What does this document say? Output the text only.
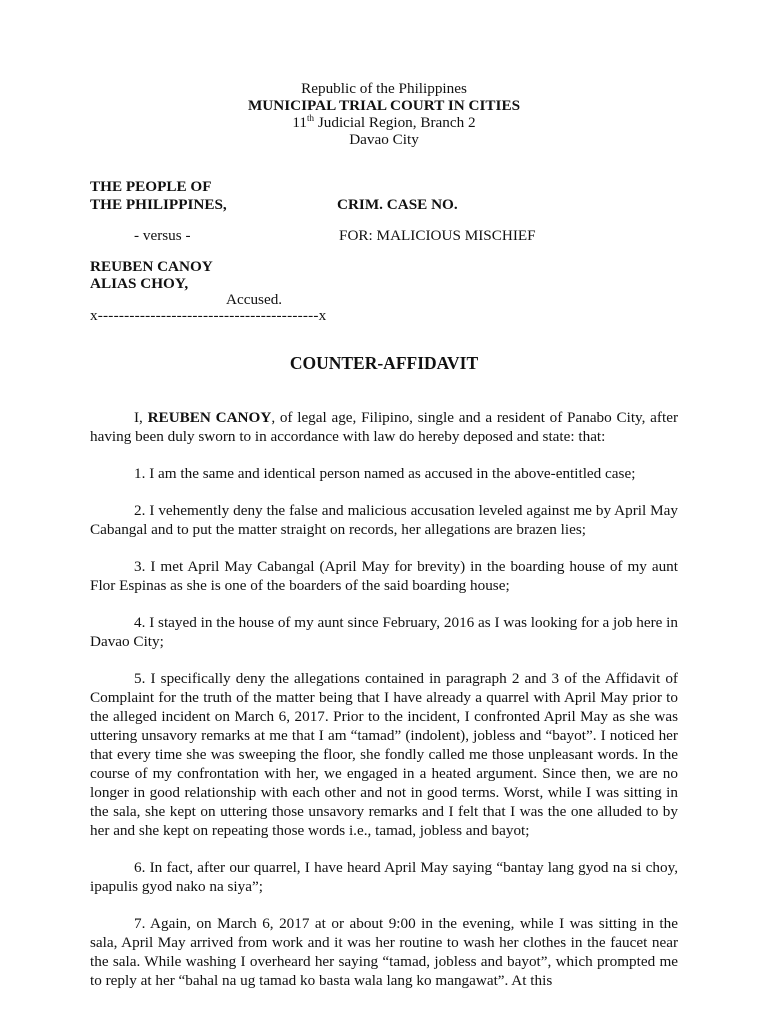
Republic of the Philippines
MUNICIPAL TRIAL COURT IN CITIES
11th Judicial Region, Branch 2
Davao City
THE PEOPLE OF
THE PHILIPPINES,	CRIM. CASE NO.
- versus -	FOR: MALICIOUS MISCHIEF
REUBEN CANOY
ALIAS CHOY,
Accused.
x------------------------------------------x
COUNTER-AFFIDAVIT

I, REUBEN CANOY, of legal age, Filipino, single and a resident of Panabo City, after having been duly sworn to in accordance with law do hereby deposed and state: that:

1. I am the same and identical person named as accused in the above-entitled case;

2. I vehemently deny the false and malicious accusation leveled against me by April May Cabangal and to put the matter straight on records, her allegations are brazen lies;

3. I met April May Cabangal (April May for brevity) in the boarding house of my aunt Flor Espinas as she is one of the boarders of the said boarding house;

4. I stayed in the house of my aunt since February, 2016 as I was looking for a job here in Davao City;

5. I specifically deny the allegations contained in paragraph 2 and 3 of the Affidavit of Complaint for the truth of the matter being that I have already a quarrel with April May prior to the alleged incident on March 6, 2017. Prior to the incident, I confronted April May as she was uttering unsavory remarks at me that I am “tamad” (indolent), jobless and “bayot”. I noticed her that every time she was sweeping the floor, she fondly called me those unpleasant words. In the course of my confrontation with her, we engaged in a heated argument. Since then, we are no longer in good relationship with each other and not in good terms. Worst, while I was sitting in the sala, she kept on uttering those unsavory remarks and I felt that I was the one alluded to by her and she kept on repeating those words i.e., tamad, jobless and bayot;

6. In fact, after our quarrel, I have heard April May saying “bantay lang gyod na si choy, ipapulis gyod nako na siya”;

7. Again, on March 6, 2017 at or about 9:00 in the evening, while I was sitting in the sala, April May arrived from work and it was her routine to wash her clothes in the faucet near the sala. While washing I overheard her saying “tamad, jobless and bayot”, which prompted me to reply at her “bahal na ug tamad ko basta wala lang ko mangawat”. At this
